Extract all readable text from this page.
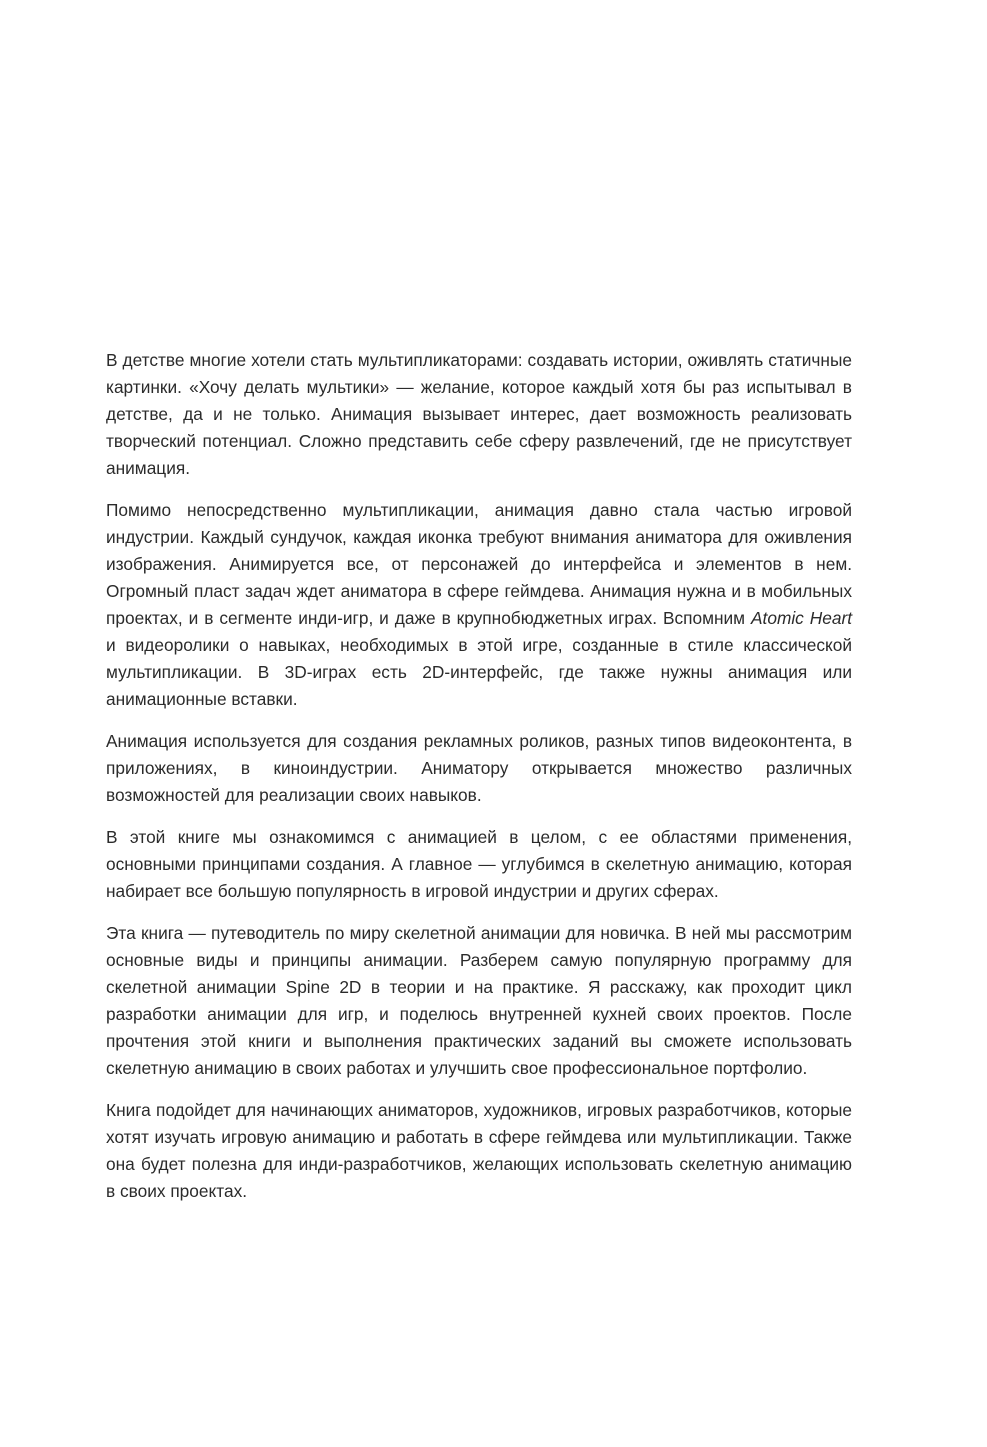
В детстве многие хотели стать мультипликаторами: создавать истории, оживлять статичные картинки. «Хочу делать мультики» — желание, которое каждый хотя бы раз испытывал в детстве, да и не только. Анимация вызывает интерес, дает возможность реализовать творческий потенциал. Сложно представить себе сферу развлечений, где не присутствует анимация.

Помимо непосредственно мультипликации, анимация давно стала частью игровой индустрии. Каждый сундучок, каждая иконка требуют внимания аниматора для оживления изображения. Анимируется все, от персонажей до интерфейса и элементов в нем. Огромный пласт задач ждет аниматора в сфере геймдева. Анимация нужна и в мобильных проектах, и в сегменте инди-игр, и даже в крупнобюджетных играх. Вспомним Atomic Heart и видеоролики о навыках, необходимых в этой игре, созданные в стиле классической мультипликации. В 3D-играх есть 2D-интерфейс, где также нужны анимация или анимационные вставки.

Анимация используется для создания рекламных роликов, разных типов видеоконтента, в приложениях, в киноиндустрии. Аниматору открывается множество различных возможностей для реализации своих навыков.

В этой книге мы ознакомимся с анимацией в целом, с ее областями применения, основными принципами создания. А главное — углубимся в скелетную анимацию, которая набирает все большую популярность в игровой индустрии и других сферах.

Эта книга — путеводитель по миру скелетной анимации для новичка. В ней мы рассмотрим основные виды и принципы анимации. Разберем самую популярную программу для скелетной анимации Spine 2D в теории и на практике. Я расскажу, как проходит цикл разработки анимации для игр, и поделюсь внутренней кухней своих проектов. После прочтения этой книги и выполнения практических заданий вы сможете использовать скелетную анимацию в своих работах и улучшить свое профессиональное портфолио.

Книга подойдет для начинающих аниматоров, художников, игровых разработчиков, которые хотят изучать игровую анимацию и работать в сфере геймдева или мультипликации. Также она будет полезна для инди-разработчиков, желающих использовать скелетную анимацию в своих проектах.
